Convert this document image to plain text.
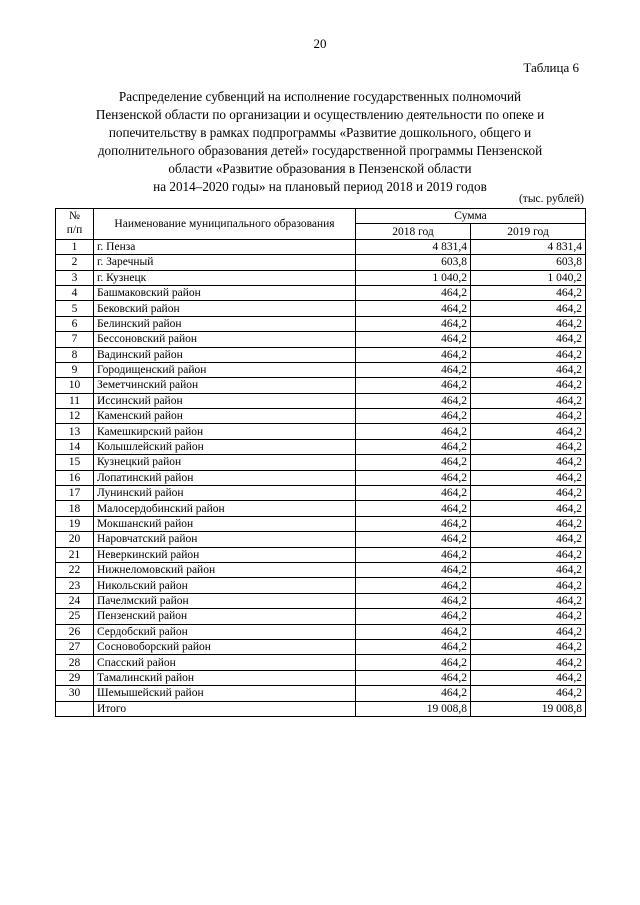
20
Таблица 6
Распределение субвенций на исполнение государственных полномочий
Пензенской области по организации и осуществлению деятельности по опеке и
попечительству в рамках подпрограммы «Развитие дошкольного, общего и
дополнительного образования детей» государственной программы Пензенской
области «Развитие образования в Пензенской области
на 2014–2020 годы» на плановый период 2018 и 2019 годов
(тыс. рублей)
№
п/п	Наименование муниципального образования	Сумма	
		2018 год	2019 год
1	г. Пенза	4 831,4	4 831,4
2	г. Заречный	603,8	603,8
3	г. Кузнецк	1 040,2	1 040,2
4	Башмаковский район	464,2	464,2
5	Бековский район	464,2	464,2
6	Белинский район	464,2	464,2
7	Бессоновский район	464,2	464,2
8	Вадинский район	464,2	464,2
9	Городищенский район	464,2	464,2
10	Земетчинский район	464,2	464,2
11	Иссинский район	464,2	464,2
12	Каменский район	464,2	464,2
13	Камешкирский район	464,2	464,2
14	Колышлейский район	464,2	464,2
15	Кузнецкий район	464,2	464,2
16	Лопатинский район	464,2	464,2
17	Лунинский район	464,2	464,2
18	Малосердобинский район	464,2	464,2
19	Мокшанский район	464,2	464,2
20	Наровчатский район	464,2	464,2
21	Неверкинский район	464,2	464,2
22	Нижнеломовский район	464,2	464,2
23	Никольский район	464,2	464,2
24	Пачелмский район	464,2	464,2
25	Пензенский район	464,2	464,2
26	Сердобский район	464,2	464,2
27	Сосновоборский район	464,2	464,2
28	Спасский район	464,2	464,2
29	Тамалинский район	464,2	464,2
30	Шемышейский район	464,2	464,2
	Итого	19 008,8	19 008,8
